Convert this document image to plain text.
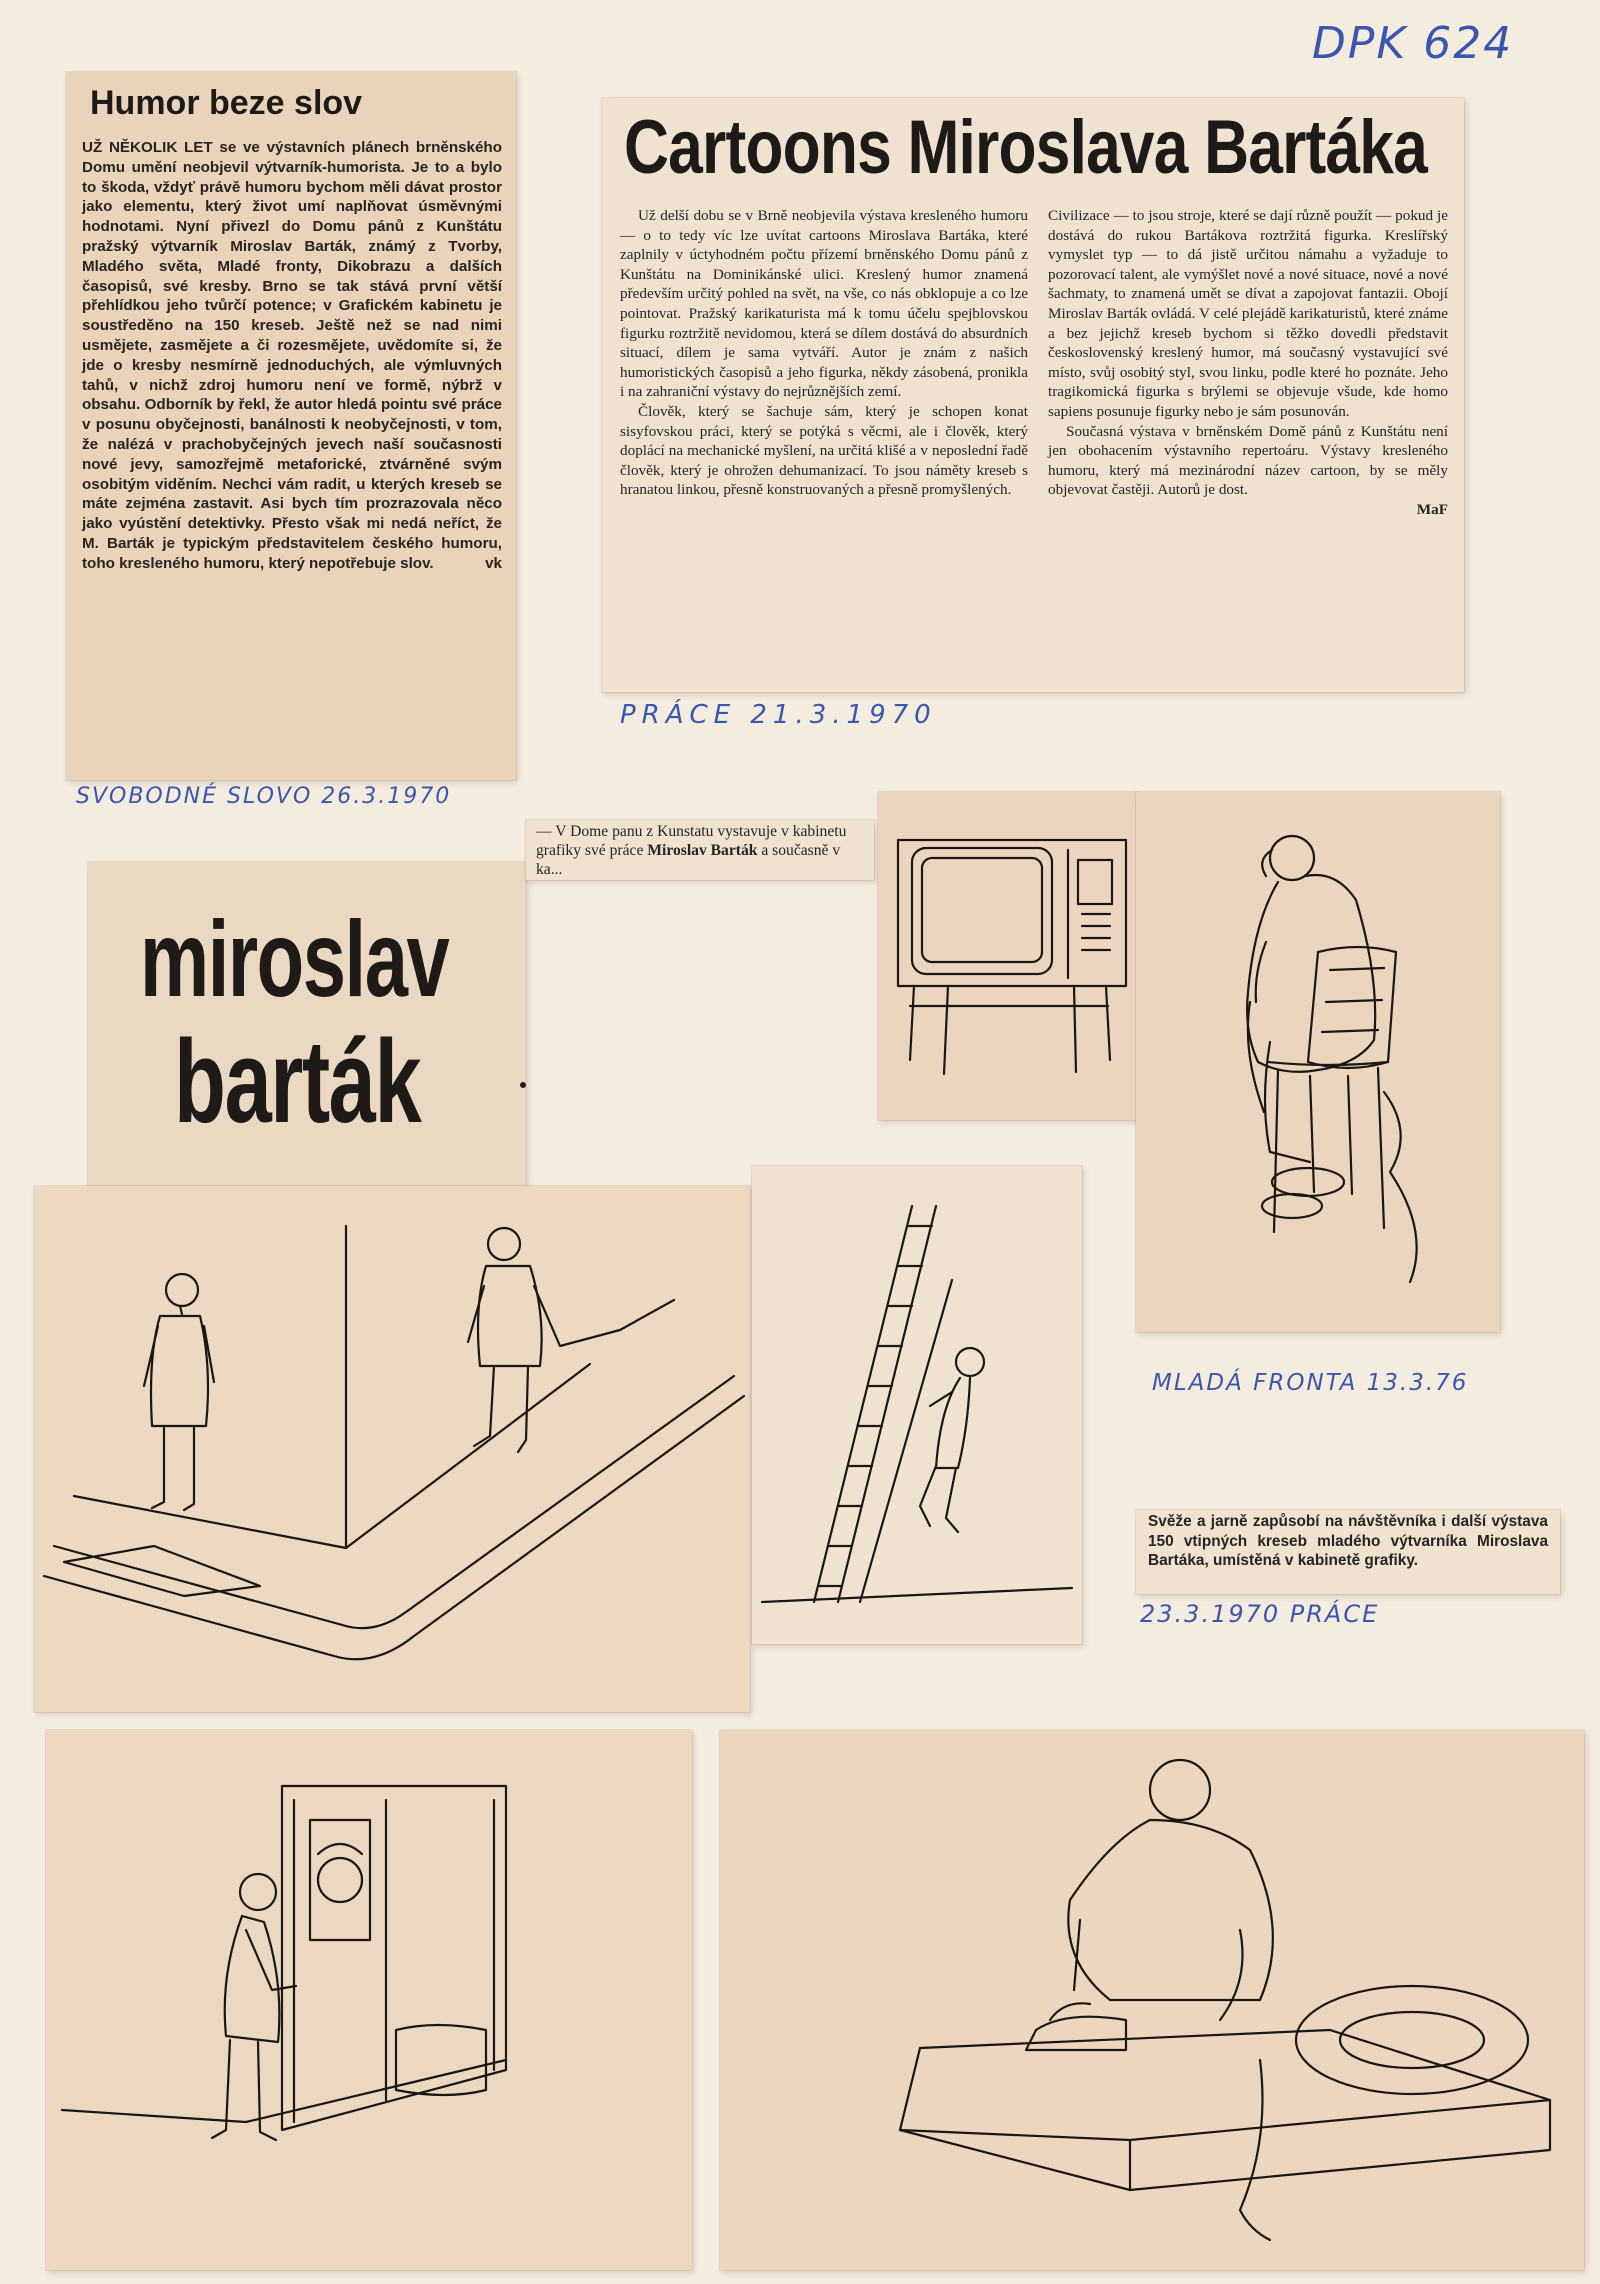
DPK 624
Humor beze slov
UŽ NĚKOLIK LET se ve výstavních plánech brněnského Domu umění neobjevil výtvarník-humorista. Je to a bylo to škoda, vždyť právě humoru bychom měli dávat prostor jako elementu, který život umí naplňovat úsměvnými hodnotami. Nyní přivezl do Domu pánů z Kunštátu pražský výtvarník Miroslav Barták, známý z Tvorby, Mladého světa, Mladé fronty, Dikobrazu a dalších časopisů, své kresby. Brno se tak stává první větší přehlídkou jeho tvůrčí potence; v Grafickém kabinetu je soustředěno na 150 kreseb. Ještě než se nad nimi usmějete, zasmějete a či rozesmějete, uvědomíte si, že jde o kresby nesmírně jednoduchých, ale výmluvných tahů, v nichž zdroj humoru není ve formě, nýbrž v obsahu. Odborník by řekl, že autor hledá pointu své práce v posunu obyčejnosti, banálnosti k neobyčejnosti, v tom, že nalézá v prachobyčejných jevech naší současnosti nové jevy, samozřejmě metaforické, ztvárněné svým osobitým viděním. Nechci vám radit, u kterých kreseb se máte zejména zastavit. Asi bych tím prozrazovala něco jako vyústění detektivky. Přesto však mi nedá neříct, že M. Barták je typickým představitelem českého humoru, toho kresleného humoru, který nepotřebuje slov.	vk
SVOBODNÉ SLOVO 26.3.1970
Cartoons Miroslava Bartáka

Už delší dobu se v Brně neobjevila výstava kresleného humoru — o to tedy víc lze uvítat cartoons Miroslava Bartáka, které zaplnily v úctyhodném počtu přízemí brněnského Domu pánů z Kunštátu na Dominikánské ulici. Kreslený humor znamená především určitý pohled na svět, na vše, co nás obklopuje a co lze pointovat. Pražský karikaturista má k tomu účelu spejblovskou figurku roztržitě nevidomou, která se dílem dostává do absurdních situací, dílem je sama vytváří. Autor je znám z našich humoristických časopisů a jeho figurka, někdy zásobená, pronikla i na zahraniční výstavy do nejrůznějších zemí.

Člověk, který se šachuje sám, který je schopen konat sisyfovskou práci, který se potýká s věcmi, ale i člověk, který doplácí na mechanické myšlení, na určitá klišé a v neposlední řadě člověk, který je ohrožen dehumanizací. To jsou náměty kreseb s hranatou linkou, přesně konstruovaných a přesně promyšlených.

Civilizace — to jsou stroje, které se dají různě použít — pokud je dostává do rukou Bartákova roztržitá figurka. Kreslířský vymyslet typ — to dá jistě určitou námahu a vyžaduje to pozorovací talent, ale vymýšlet nové a nové situace, nové a nové šachmaty, to znamená umět se dívat a zapojovat fantazii. Obojí Miroslav Barták ovládá. V celé plejádě karikaturistů, které známe a bez jejichž kreseb bychom si těžko dovedli představit československý kreslený humor, má současný vystavující své místo, svůj osobitý styl, svou linku, podle které ho poznáte. Jeho tragikomická figurka s brýlemi se objevuje všude, kde homo sapiens posunuje figurky nebo je sám posunován.

Současná výstava v brněnském Domě pánů z Kunštátu není jen obohacením výstavního repertoáru. Výstavy kresleného humoru, který má mezinárodní název cartoon, by se měly objevovat častěji. Autorů je dost.

MaF
PRÁCE 21.3.1970
miroslav
barták
— V Dome panu z Kunstatu vystavuje v kabinetu grafiky své práce Miroslav Barták a současně v ka...
MLADÁ FRONTA 13.3.76
Svěže a jarně zapůsobí na návštěvníka i další výstava 150 vtipných kreseb mladého výtvarníka Miroslava Bartáka, umístěná v kabinetě grafiky.
23.3.1970 PRÁCE
